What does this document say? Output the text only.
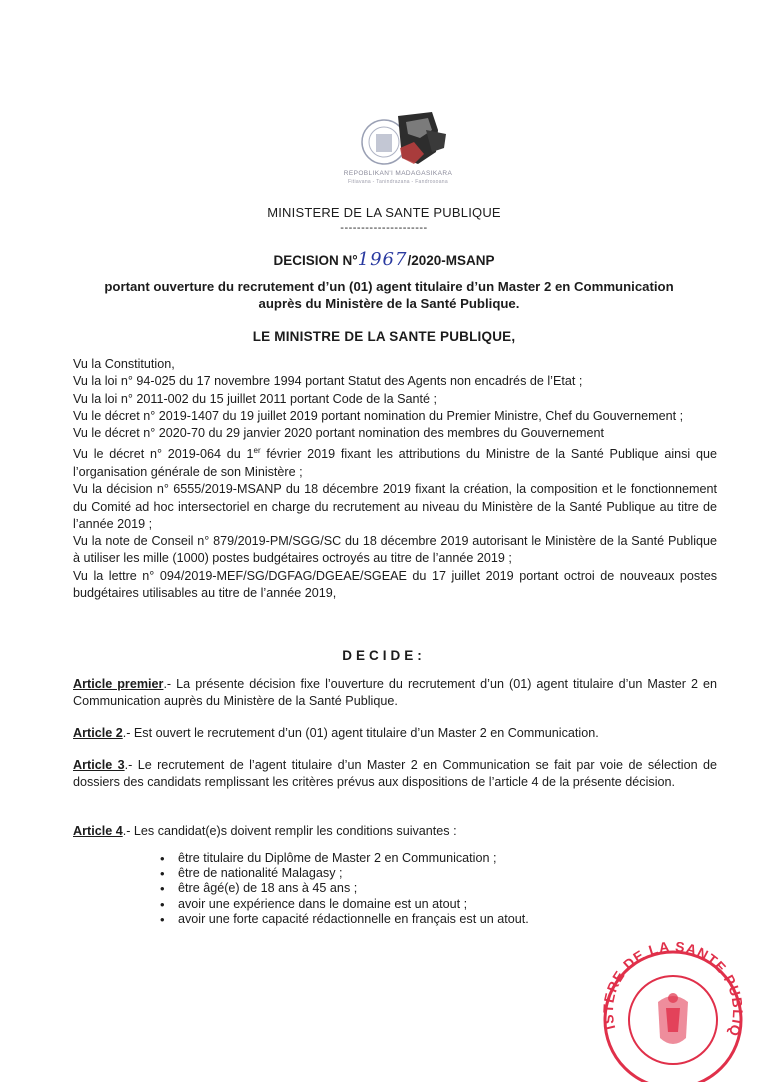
REPOBLIKAN'I MADAGASIKARA
Fitiavana - Tanindrazana - Fandrosoana
MINISTERE DE LA SANTE PUBLIQUE
---------------------
DECISION N°1967/2020-MSANP
portant ouverture du recrutement d’un (01) agent titulaire d’un Master 2 en Communication
auprès du Ministère de la Santé Publique.
LE MINISTRE DE LA SANTE PUBLIQUE,

Vu la Constitution,

Vu la loi n° 94-025 du 17 novembre 1994 portant Statut des Agents non encadrés de l’Etat ;

Vu la loi n° 2011-002 du 15 juillet 2011 portant Code de la Santé ;

Vu le décret n° 2019-1407 du 19 juillet 2019 portant nomination du Premier Ministre, Chef du Gouvernement ;

Vu le décret n° 2020-70 du 29 janvier 2020 portant nomination des membres du Gouvernement

Vu le décret n° 2019-064 du 1er février 2019 fixant les attributions du Ministre de la Santé Publique ainsi que l’organisation générale de son Ministère ;

Vu la décision n° 6555/2019-MSANP du 18 décembre 2019 fixant la création, la composition et le fonctionnement du Comité ad hoc intersectoriel en charge du recrutement au niveau du Ministère de la Santé Publique au titre de l’année 2019 ;

Vu la note de Conseil n° 879/2019-PM/SGG/SC du 18 décembre 2019 autorisant le Ministère de la Santé Publique à utiliser les mille (1000) postes budgétaires octroyés au titre de l’année 2019 ;

Vu la lettre n° 094/2019-MEF/SG/DGFAG/DGEAE/SGEAE du 17 juillet 2019 portant octroi de nouveaux postes budgétaires utilisables au titre de l’année 2019,

DECIDE:
Article premier.- La présente décision fixe l’ouverture du recrutement d’un (01) agent titulaire d’un Master 2 en Communication auprès du Ministère de la Santé Publique.
Article 2.- Est ouvert le recrutement d’un (01) agent titulaire d’un Master 2 en Communication.
Article 3.- Le recrutement de l’agent titulaire d’un Master 2 en Communication se fait par voie de sélection de dossiers des candidats remplissant les critères prévus aux dispositions de l’article 4 de la présente décision.
Article 4.- Les candidat(e)s doivent remplir les conditions suivantes :
• être titulaire du Diplôme de Master 2 en Communication ;
• être de nationalité Malagasy ;
• être âgé(e) de 18 ans à 45 ans ;
• avoir une expérience dans le domaine est un atout ;
• avoir une forte capacité rédactionnelle en français est un atout.
ISTERE DE LA SANTE PUBLIQ
